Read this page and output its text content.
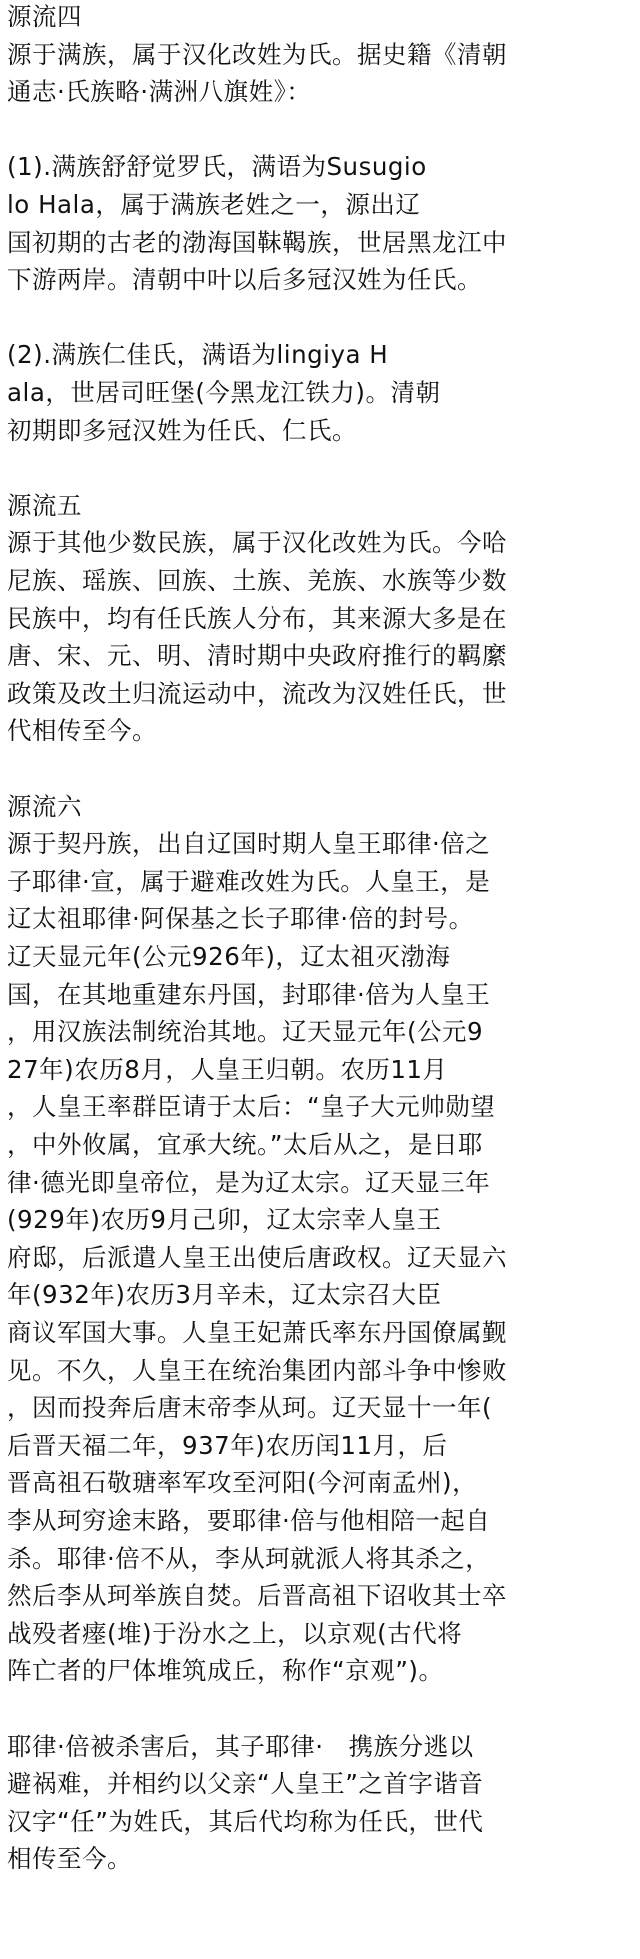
源流四
源于满族，属于汉化改姓为氏。据史籍《清朝
通志·氏族略·满洲八旗姓》：
(1).满族舒舒觉罗氏，满语为Susugio
lo Hala，属于满族老姓之一，源出辽
国初期的古老的渤海国靺鞨族，世居黑龙江中
下游两岸。清朝中叶以后多冠汉姓为任氏。
(2).满族仁佳氏，满语为lingiya H
ala，世居司旺堡(今黑龙江铁力)。清朝
初期即多冠汉姓为任氏、仁氏。
源流五
源于其他少数民族，属于汉化改姓为氏。今哈
尼族、瑶族、回族、土族、羌族、水族等少数
民族中，均有任氏族人分布，其来源大多是在
唐、宋、元、明、清时期中央政府推行的羁縻
政策及改土归流运动中，流改为汉姓任氏，世
代相传至今。
源流六
源于契丹族，出自辽国时期人皇王耶律·倍之
子耶律·宣，属于避难改姓为氏。人皇王，是
辽太祖耶律·阿保基之长子耶律·倍的封号。
辽天显元年(公元926年)，辽太祖灭渤海
国，在其地重建东丹国，封耶律·倍为人皇王
，用汉族法制统治其地。辽天显元年(公元9
27年)农历8月，人皇王归朝。农历11月
，人皇王率群臣请于太后：“皇子大元帅勋望
，中外攸属，宜承大统。”太后从之，是日耶
律·德光即皇帝位，是为辽太宗。辽天显三年
(929年)农历9月己卯，辽太宗幸人皇王
府邸，后派遣人皇王出使后唐政权。辽天显六
年(932年)农历3月辛未，辽太宗召大臣
商议军国大事。人皇王妃萧氏率东丹国僚属觐
见。不久，人皇王在统治集团内部斗争中惨败
，因而投奔后唐末帝李从珂。辽天显十一年(
后晋天福二年，937年)农历闰11月，后
晋高祖石敬瑭率军攻至河阳(今河南孟州)，
李从珂穷途末路，要耶律·倍与他相陪一起自
杀。耶律·倍不从，李从珂就派人将其杀之，
然后李从珂举族自焚。后晋高祖下诏收其士卒
战殁者瘗(堆)于汾水之上，以京观(古代将
阵亡者的尸体堆筑成丘，称作“京观”)。
耶律·倍被杀害后，其子耶律·　携族分逃以
避祸难，并相约以父亲“人皇王”之首字谐音
汉字“任”为姓氏，其后代均称为任氏，世代
相传至今。
